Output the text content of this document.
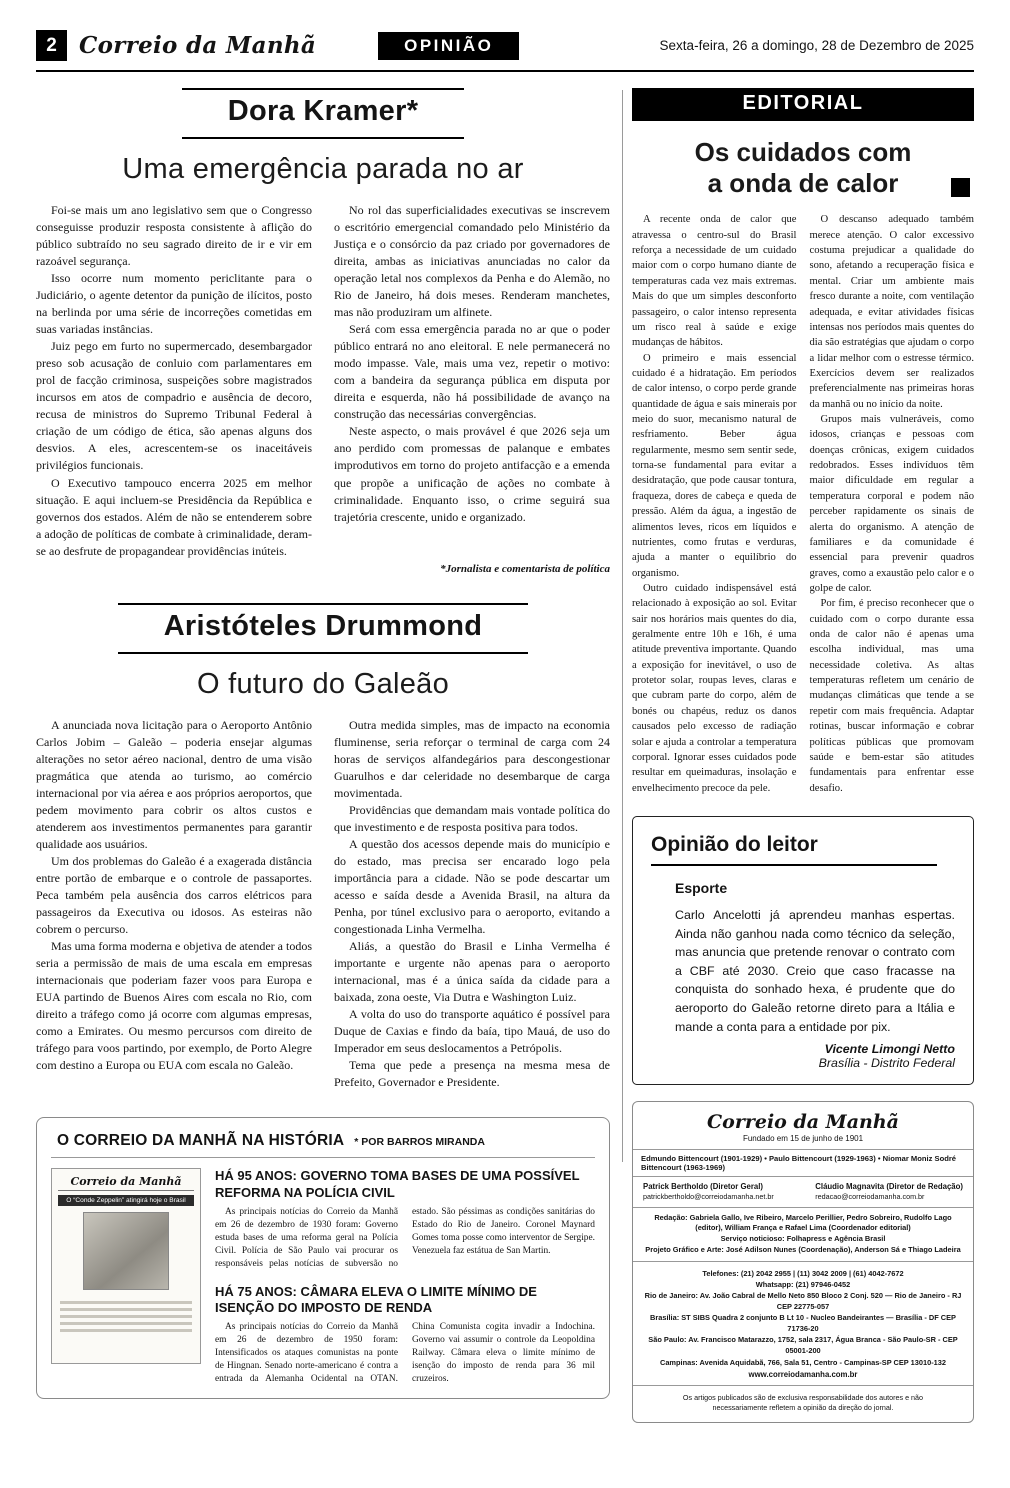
2 Correio da Manhã	OPINIÃO	Sexta-feira, 26 a domingo, 28 de Dezembro de 2025
Dora Kramer*
Uma emergência parada no ar

Foi-se mais um ano legislativo sem que o Congresso conseguisse produzir resposta consistente à aflição do público subtraído no seu sagrado direito de ir e vir em razoável segurança.

Isso ocorre num momento periclitante para o Judiciário, o agente detentor da punição de ilícitos, posto na berlinda por uma série de incorreções cometidas em suas variadas instâncias.

Juiz pego em furto no supermercado, desembargador preso sob acusação de conluio com parlamentares em prol de facção criminosa, suspeições sobre magistrados incursos em atos de compadrio e ausência de decoro, recusa de ministros do Supremo Tribunal Federal à criação de um código de ética, são apenas alguns dos desvios. A eles, acrescentem-se os inaceitáveis privilégios funcionais.

O Executivo tampouco encerra 2025 em melhor situação. E aqui incluem-se Presidência da República e governos dos estados. Além de não se entenderem sobre a adoção de políticas de combate à criminalidade, deram-se ao desfrute de propagandear providências inúteis.

No rol das superficialidades executivas se inscrevem o escritório emergencial comandado pelo Ministério da Justiça e o consórcio da paz criado por governadores de direita, ambas as iniciativas anunciadas no calor da operação letal nos complexos da Penha e do Alemão, no Rio de Janeiro, há dois meses. Renderam manchetes, mas não produziram um alfinete.

Será com essa emergência parada no ar que o poder público entrará no ano eleitoral. E nele permanecerá no modo impasse. Vale, mais uma vez, repetir o motivo: com a bandeira da segurança pública em disputa por direita e esquerda, não há possibilidade de avanço na construção das necessárias convergências.

Neste aspecto, o mais provável é que 2026 seja um ano perdido com promessas de palanque e embates improdutivos em torno do projeto antifacção e a emenda que propõe a unificação de ações no combate à criminalidade. Enquanto isso, o crime seguirá sua trajetória crescente, unido e organizado.

*Jornalista e comentarista de política
Aristóteles Drummond
O futuro do Galeão

A anunciada nova licitação para o Aeroporto Antônio Carlos Jobim – Galeão – poderia ensejar algumas alterações no setor aéreo nacional, dentro de uma visão pragmática que atenda ao turismo, ao comércio internacional por via aérea e aos próprios aeroportos, que pedem movimento para cobrir os altos custos e atenderem aos investimentos permanentes para garantir qualidade aos usuários.

Um dos problemas do Galeão é a exagerada distância entre portão de embarque e o controle de passaportes. Peca também pela ausência dos carros elétricos para passageiros da Executiva ou idosos. As esteiras não cobrem o percurso.

Mas uma forma moderna e objetiva de atender a todos seria a permissão de mais de uma escala em empresas internacionais que poderiam fazer voos para Europa e EUA partindo de Buenos Aires com escala no Rio, com direito a tráfego como já ocorre com algumas empresas, como a Emirates. Ou mesmo percursos com direito de tráfego para voos partindo, por exemplo, de Porto Alegre com destino a Europa ou EUA com escala no Galeão.

Outra medida simples, mas de impacto na economia fluminense, seria reforçar o terminal de carga com 24 horas de serviços alfandegários para descongestionar Guarulhos e dar celeridade no desembarque de carga movimentada.

Providências que demandam mais vontade política do que investimento e de resposta positiva para todos.

A questão dos acessos depende mais do município e do estado, mas precisa ser encarado logo pela importância para a cidade. Não se pode descartar um acesso e saída desde a Avenida Brasil, na altura da Penha, por túnel exclusivo para o aeroporto, evitando a congestionada Linha Vermelha.

Aliás, a questão do Brasil e Linha Vermelha é importante e urgente não apenas para o aeroporto internacional, mas é a única saída da cidade para a baixada, zona oeste, Via Dutra e Washington Luiz.

A volta do uso do transporte aquático é possível para Duque de Caxias e findo da baía, tipo Mauá, de uso do Imperador em seus deslocamentos a Petrópolis.

Tema que pede a presença na mesma mesa de Prefeito, Governador e Presidente.

O CORREIO DA MANHÃ NA HISTÓRIA * POR BARROS MIRANDA
Correio da Manhã
O “Conde Zeppelin” atingirá hoje o Brasil
HÁ 95 ANOS: GOVERNO TOMA BASES DE UMA POSSÍVEL REFORMA NA POLÍCIA CIVIL
As principais notícias do Correio da Manhã em 26 de dezembro de 1930 foram: Governo estuda bases de uma reforma geral na Polícia Civil. Polícia de São Paulo vai procurar os responsáveis pelas notícias de subversão no estado. São péssimas as condições sanitárias do Estado do Rio de Janeiro. Coronel Maynard Gomes toma posse como interventor de Sergipe. Venezuela faz estátua de San Martin.
HÁ 75 ANOS: CÂMARA ELEVA O LIMITE MÍNIMO DE ISENÇÃO DO IMPOSTO DE RENDA
As principais notícias do Correio da Manhã em 26 de dezembro de 1950 foram: Intensificados os ataques comunistas na ponte de Hingnan. Senado norte-americano é contra a entrada da Alemanha Ocidental na OTAN. China Comunista cogita invadir a Indochina. Governo vai assumir o controle da Leopoldina Railway. Câmara eleva o limite mínimo de isenção do imposto de renda para 36 mil cruzeiros.
EDITORIAL
Os cuidados com
a onda de calor

A recente onda de calor que atravessa o centro-sul do Brasil reforça a necessidade de um cuidado maior com o corpo humano diante de temperaturas cada vez mais extremas. Mais do que um simples desconforto passageiro, o calor intenso representa um risco real à saúde e exige mudanças de hábitos.

O primeiro e mais essencial cuidado é a hidratação. Em períodos de calor intenso, o corpo perde grande quantidade de água e sais minerais por meio do suor, mecanismo natural de resfriamento. Beber água regularmente, mesmo sem sentir sede, torna-se fundamental para evitar a desidratação, que pode causar tontura, fraqueza, dores de cabeça e queda de pressão. Além da água, a ingestão de alimentos leves, ricos em líquidos e nutrientes, como frutas e verduras, ajuda a manter o equilíbrio do organismo.

Outro cuidado indispensável está relacionado à exposição ao sol. Evitar sair nos horários mais quentes do dia, geralmente entre 10h e 16h, é uma atitude preventiva importante. Quando a exposição for inevitável, o uso de protetor solar, roupas leves, claras e que cubram parte do corpo, além de bonés ou chapéus, reduz os danos causados pelo excesso de radiação solar e ajuda a controlar a temperatura corporal. Ignorar esses cuidados pode resultar em queimaduras, insolação e envelhecimento precoce da pele.

O descanso adequado também merece atenção. O calor excessivo costuma prejudicar a qualidade do sono, afetando a recuperação física e mental. Criar um ambiente mais fresco durante a noite, com ventilação adequada, e evitar atividades físicas intensas nos períodos mais quentes do dia são estratégias que ajudam o corpo a lidar melhor com o estresse térmico. Exercícios devem ser realizados preferencialmente nas primeiras horas da manhã ou no início da noite.

Grupos mais vulneráveis, como idosos, crianças e pessoas com doenças crônicas, exigem cuidados redobrados. Esses indivíduos têm maior dificuldade em regular a temperatura corporal e podem não perceber rapidamente os sinais de alerta do organismo. A atenção de familiares e da comunidade é essencial para prevenir quadros graves, como a exaustão pelo calor e o golpe de calor.

Por fim, é preciso reconhecer que o cuidado com o corpo durante essa onda de calor não é apenas uma escolha individual, mas uma necessidade coletiva. As altas temperaturas refletem um cenário de mudanças climáticas que tende a se repetir com mais frequência. Adaptar rotinas, buscar informação e cobrar políticas públicas que promovam saúde e bem-estar são atitudes fundamentais para enfrentar esse desafio.

Opinião do leitor
Esporte
Carlo Ancelotti já aprendeu manhas espertas. Ainda não ganhou nada como técnico da seleção, mas anuncia que pretende renovar o contrato com a CBF até 2030. Creio que caso fracasse na conquista do sonhado hexa, é prudente que do aeroporto do Galeão retorne direto para a Itália e mande a conta para a entidade por pix.
Vicente Limongi Netto
Brasília - Distrito Federal
Correio da Manhã
Fundado em 15 de junho de 1901
Edmundo Bittencourt (1901-1929) • Paulo Bittencourt (1929-1963) • Niomar Moniz Sodré Bittencourt (1963-1969)
Patrick Bertholdo (Diretor Geral)
patrickbertholdo@correiodamanha.net.br
Cláudio Magnavita (Diretor de Redação)
redacao@correiodamanha.com.br
Redação: Gabriela Gallo, Ive Ribeiro, Marcelo Perillier, Pedro Sobreiro, Rudolfo Lago (editor), William França e Rafael Lima (Coordenador editorial)
Serviço noticioso: Folhapress e Agência Brasil
Projeto Gráfico e Arte: José Adilson Nunes (Coordenação), Anderson Sá e Thiago Ladeira
Telefones: (21) 2042 2955 | (11) 3042 2009 | (61) 4042-7672
Whatsapp: (21) 97946-0452
Rio de Janeiro: Av. João Cabral de Mello Neto 850 Bloco 2 Conj. 520 — Rio de Janeiro - RJ CEP 22775-057
Brasília: ST SIBS Quadra 2 conjunto B Lt 10 - Nucleo Bandeirantes — Brasília - DF CEP 71736-20
São Paulo: Av. Francisco Matarazzo, 1752, sala 2317, Água Branca - São Paulo-SR - CEP 05001-200
Campinas: Avenida Aquidabã, 766, Sala 51, Centro - Campinas-SP CEP 13010-132
www.correiodamanha.com.br
Os artigos publicados são de exclusiva responsabilidade dos autores e não necessariamente refletem a opinião da direção do jornal.
